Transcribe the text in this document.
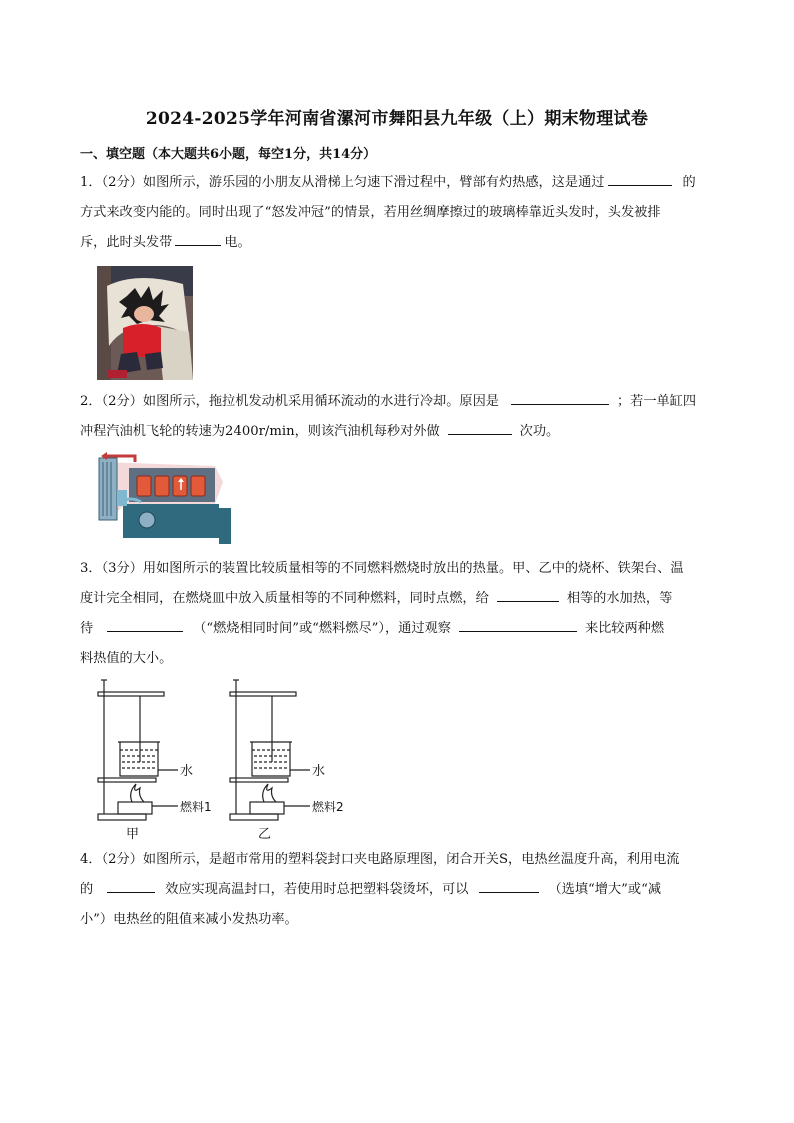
2024-2025学年河南省漯河市舞阳县九年级（上）期末物理试卷
一、填空题（本大题共6小题，每空1分，共14分）

1．（2分）如图所示，游乐园的小朋友从滑梯上匀速下滑过程中，臂部有灼热感，这是通过	的

方式来改变内能的。同时出现了“怒发冲冠”的情景，若用丝绸摩擦过的玻璃棒靠近头发时，头发被排

斥，此时头发带	电。

2．（2分）如图所示，拖拉机发动机采用循环流动的水进行冷却。原因是	；若一单缸四

冲程汽油机飞轮的转速为2400r/min，则该汽油机每秒对外做	次功。

3．（3分）用如图所示的装置比较质量相等的不同燃料燃烧时放出的热量。甲、乙中的烧杯、铁架台、温

度计完全相同，在燃烧皿中放入质量相等的不同种燃料，同时点燃，给	相等的水加热，等

待	（“燃烧相同时间”或“燃料燃尽”），通过观察	来比较两种燃

料热值的大小。

水
燃料1
甲
水
燃料2
乙

4．（2分）如图所示，是超市常用的塑料袋封口夹电路原理图，闭合开关S，电热丝温度升高，利用电流

的	效应实现高温封口，若使用时总把塑料袋烫坏，可以	（选填“增大”或“减

小”）电热丝的阻值来减小发热功率。
